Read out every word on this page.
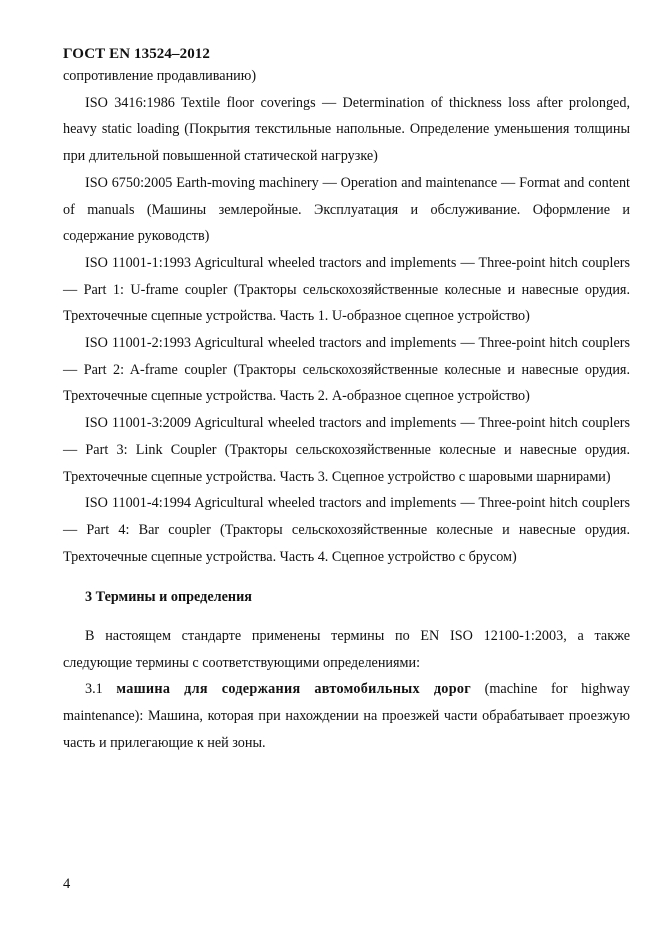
ГОСТ EN 13524–2012

сопротивление продавливанию)

ISO 3416:1986 Textile floor coverings — Determination of thickness loss after prolonged, heavy static loading (Покрытия текстильные напольные. Определение уменьшения толщины при длительной повышенной статической нагрузке)

ISO 6750:2005 Earth-moving machinery — Operation and maintenance — Format and content of manuals (Машины землеройные. Эксплуатация и обслуживание. Оформление и содержание руководств)

ISO 11001-1:1993 Agricultural wheeled tractors and implements — Three-point hitch couplers — Part 1: U-frame coupler (Тракторы сельскохозяйственные колесные и навесные орудия. Трехточечные сцепные устройства. Часть 1. U-образное сцепное устройство)

ISO 11001-2:1993 Agricultural wheeled tractors and implements — Three-point hitch couplers — Part 2: A-frame coupler (Тракторы сельскохозяйственные колесные и навесные орудия. Трехточечные сцепные устройства. Часть 2. A-образное сцепное устройство)

ISO 11001-3:2009 Agricultural wheeled tractors and implements — Three-point hitch couplers — Part 3: Link Coupler (Тракторы сельскохозяйственные колесные и навесные орудия. Трехточечные сцепные устройства. Часть 3. Сцепное устройство с шаровыми шарнирами)

ISO 11001-4:1994 Agricultural wheeled tractors and implements — Three-point hitch couplers — Part 4: Bar coupler (Тракторы сельскохозяйственные колесные и навесные орудия. Трехточечные сцепные устройства. Часть 4. Сцепное устройство с брусом)

3 Термины и определения

В настоящем стандарте применены термины по EN ISO 12100-1:2003, а также следующие термины с соответствующими определениями:

3.1 машина для содержания автомобильных дорог (machine for highway maintenance): Машина, которая при нахождении на проезжей части обрабатывает проезжую часть и прилегающие к ней зоны.

4
